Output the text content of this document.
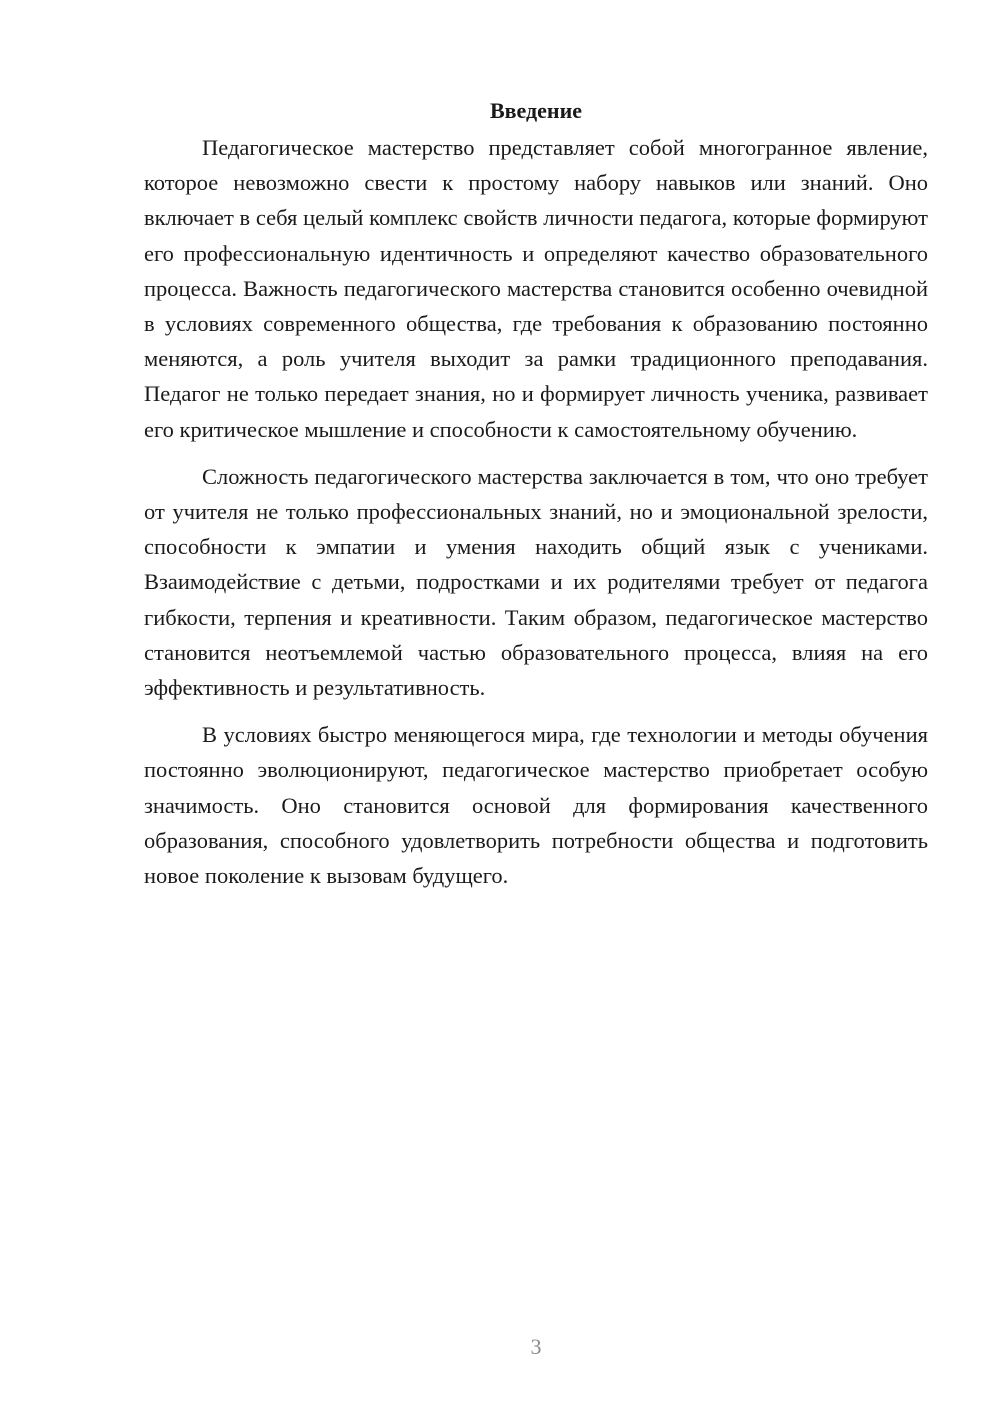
Введение

Педагогическое мастерство представляет собой многогранное явление, которое невозможно свести к простому набору навыков или знаний. Оно включает в себя целый комплекс свойств личности педагога, которые формируют его профессиональную идентичность и определяют качество образовательного процесса. Важность педагогического мастерства становится особенно очевидной в условиях современного общества, где требования к образованию постоянно меняются, а роль учителя выходит за рамки традиционного преподавания. Педагог не только передает знания, но и формирует личность ученика, развивает его критическое мышление и способности к самостоятельному обучению.

Сложность педагогического мастерства заключается в том, что оно требует от учителя не только профессиональных знаний, но и эмоциональной зрелости, способности к эмпатии и умения находить общий язык с учениками. Взаимодействие с детьми, подростками и их родителями требует от педагога гибкости, терпения и креативности. Таким образом, педагогическое мастерство становится неотъемлемой частью образовательного процесса, влияя на его эффективность и результативность.

В условиях быстро меняющегося мира, где технологии и методы обучения постоянно эволюционируют, педагогическое мастерство приобретает особую значимость. Оно становится основой для формирования качественного образования, способного удовлетворить потребности общества и подготовить новое поколение к вызовам будущего.

3
